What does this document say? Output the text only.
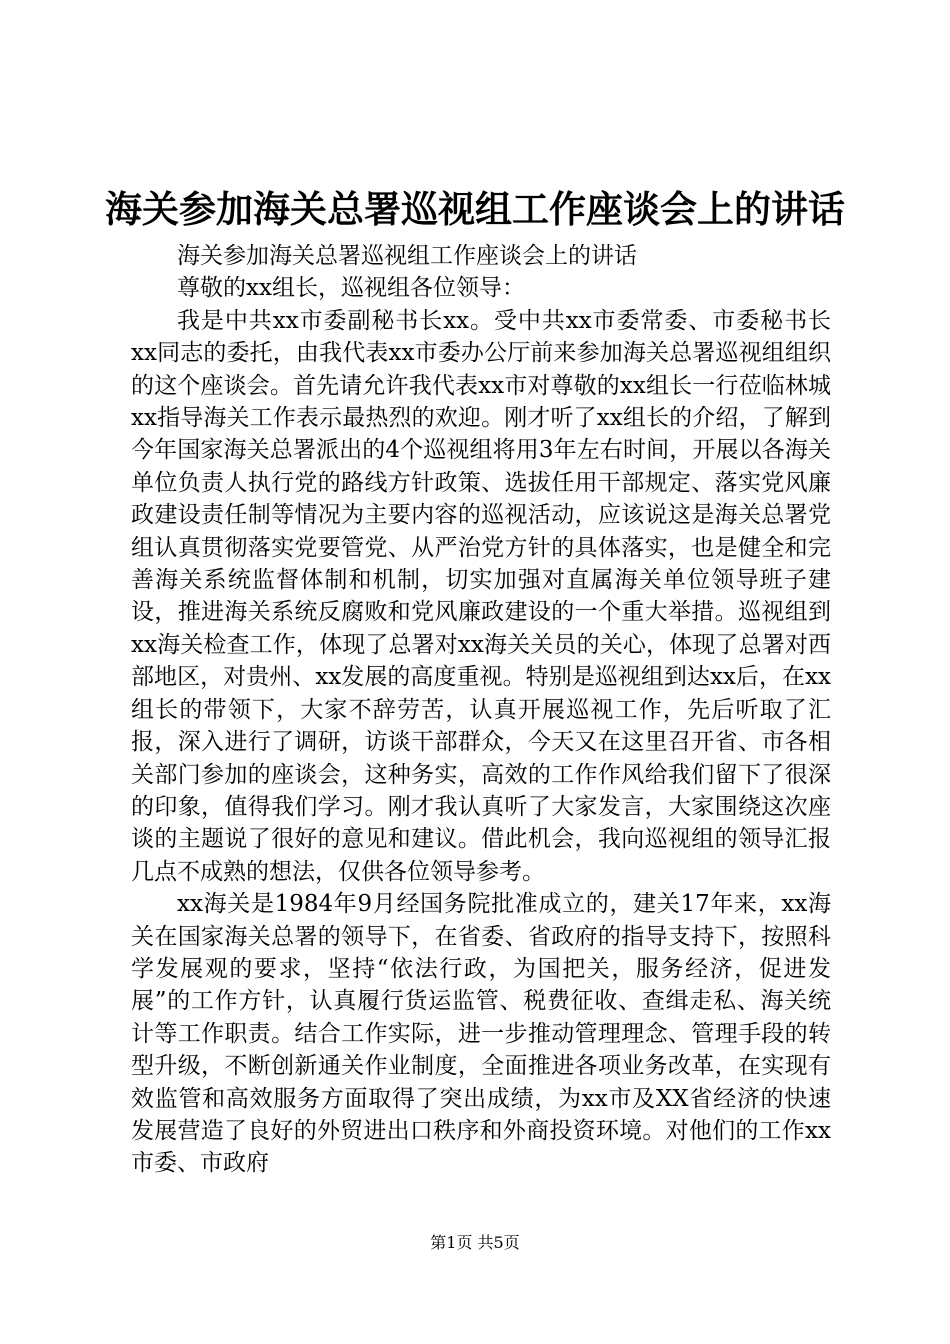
海关参加海关总署巡视组工作座谈会上的讲话

海关参加海关总署巡视组工作座谈会上的讲话

尊敬的xx组长，巡视组各位领导：

我是中共xx市委副秘书长xx。受中共xx市委常委、市委秘书长xx同志的委托，由我代表xx市委办公厅前来参加海关总署巡视组组织的这个座谈会。首先请允许我代表xx市对尊敬的xx组长一行莅临林城xx指导海关工作表示最热烈的欢迎。刚才听了xx组长的介绍，了解到今年国家海关总署派出的4个巡视组将用3年左右时间，开展以各海关单位负责人执行党的路线方针政策、选拔任用干部规定、落实党风廉政建设责任制等情况为主要内容的巡视活动，应该说这是海关总署党组认真贯彻落实党要管党、从严治党方针的具体落实，也是健全和完善海关系统监督体制和机制，切实加强对直属海关单位领导班子建设，推进海关系统反腐败和党风廉政建设的一个重大举措。巡视组到xx海关检查工作，体现了总署对xx海关关员的关心，体现了总署对西部地区，对贵州、xx发展的高度重视。特别是巡视组到达xx后，在xx组长的带领下，大家不辞劳苦，认真开展巡视工作，先后听取了汇报，深入进行了调研，访谈干部群众，今天又在这里召开省、市各相关部门参加的座谈会，这种务实，高效的工作作风给我们留下了很深的印象，值得我们学习。刚才我认真听了大家发言，大家围绕这次座谈的主题说了很好的意见和建议。借此机会，我向巡视组的领导汇报几点不成熟的想法，仅供各位领导参考。

xx海关是1984年9月经国务院批准成立的，建关17年来，xx海关在国家海关总署的领导下，在省委、省政府的指导支持下，按照科学发展观的要求，坚持“依法行政，为国把关，服务经济，促进发展”的工作方针，认真履行货运监管、税费征收、查缉走私、海关统计等工作职责。结合工作实际，进一步推动管理理念、管理手段的转型升级，不断创新通关作业制度，全面推进各项业务改革，在实现有效监管和高效服务方面取得了突出成绩，为xx市及XX省经济的快速发展营造了良好的外贸进出口秩序和外商投资环境。对他们的工作xx市委、市政府

第1页 共5页
